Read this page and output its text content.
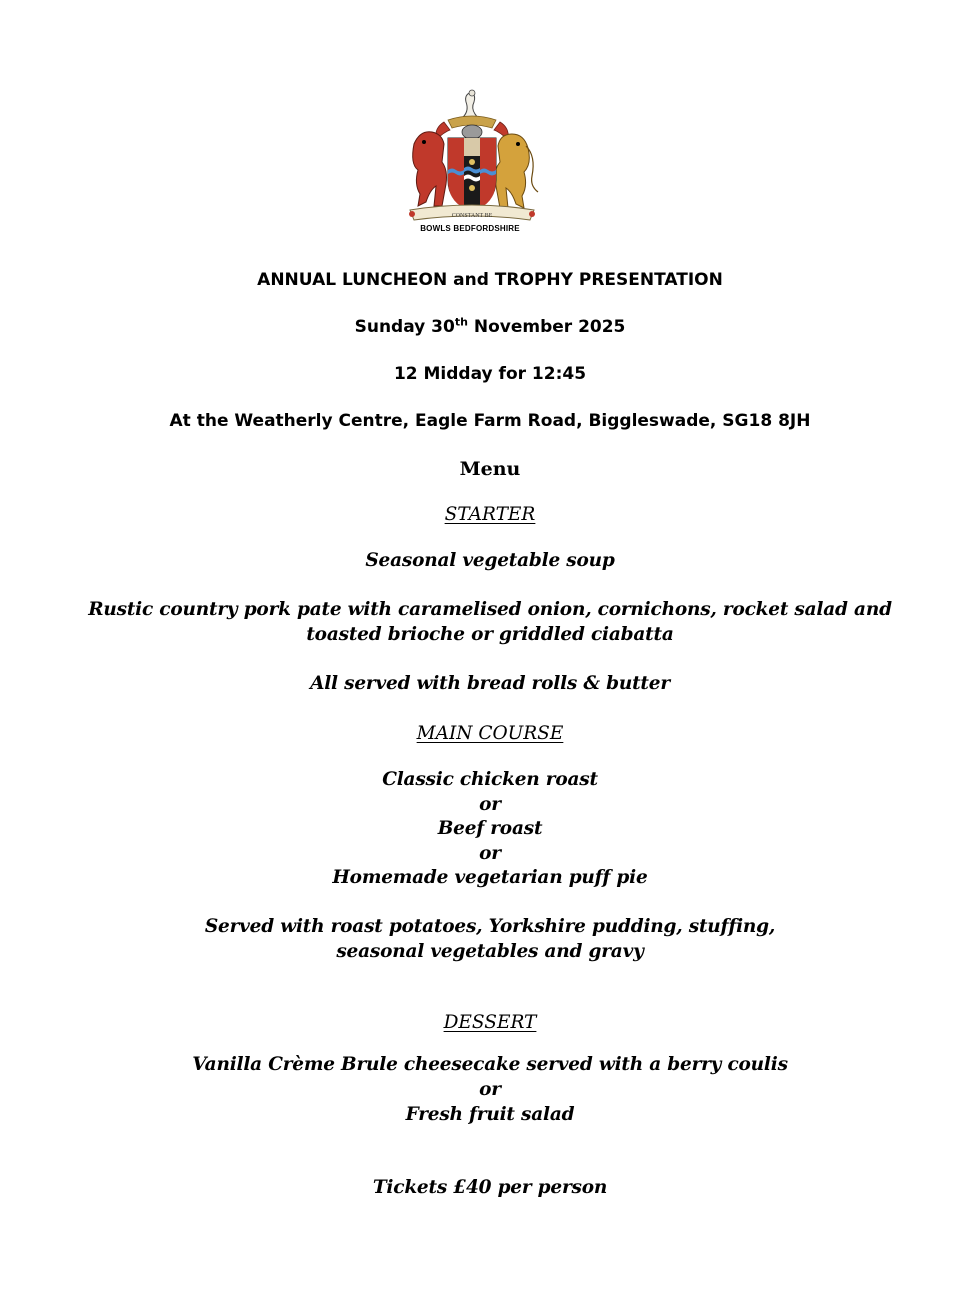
CONSTANT BE
BOWLS BEDFORDSHIRE
ANNUAL LUNCHEON and TROPHY PRESENTATION
Sunday 30th November 2025
12 Midday for 12:45
At the Weatherly Centre, Eagle Farm Road, Biggleswade, SG18 8JH
Menu
STARTER
Seasonal vegetable soup
Rustic country pork pate with caramelised onion, cornichons, rocket salad and
toasted brioche or griddled ciabatta
All served with bread rolls & butter
MAIN COURSE
Classic chicken roast
or
Beef roast
or
Homemade vegetarian puff pie
Served with roast potatoes, Yorkshire pudding, stuffing,
seasonal vegetables and gravy
DESSERT
Vanilla Crème Brule cheesecake served with a berry coulis
or
Fresh fruit salad
Tickets £40 per person
